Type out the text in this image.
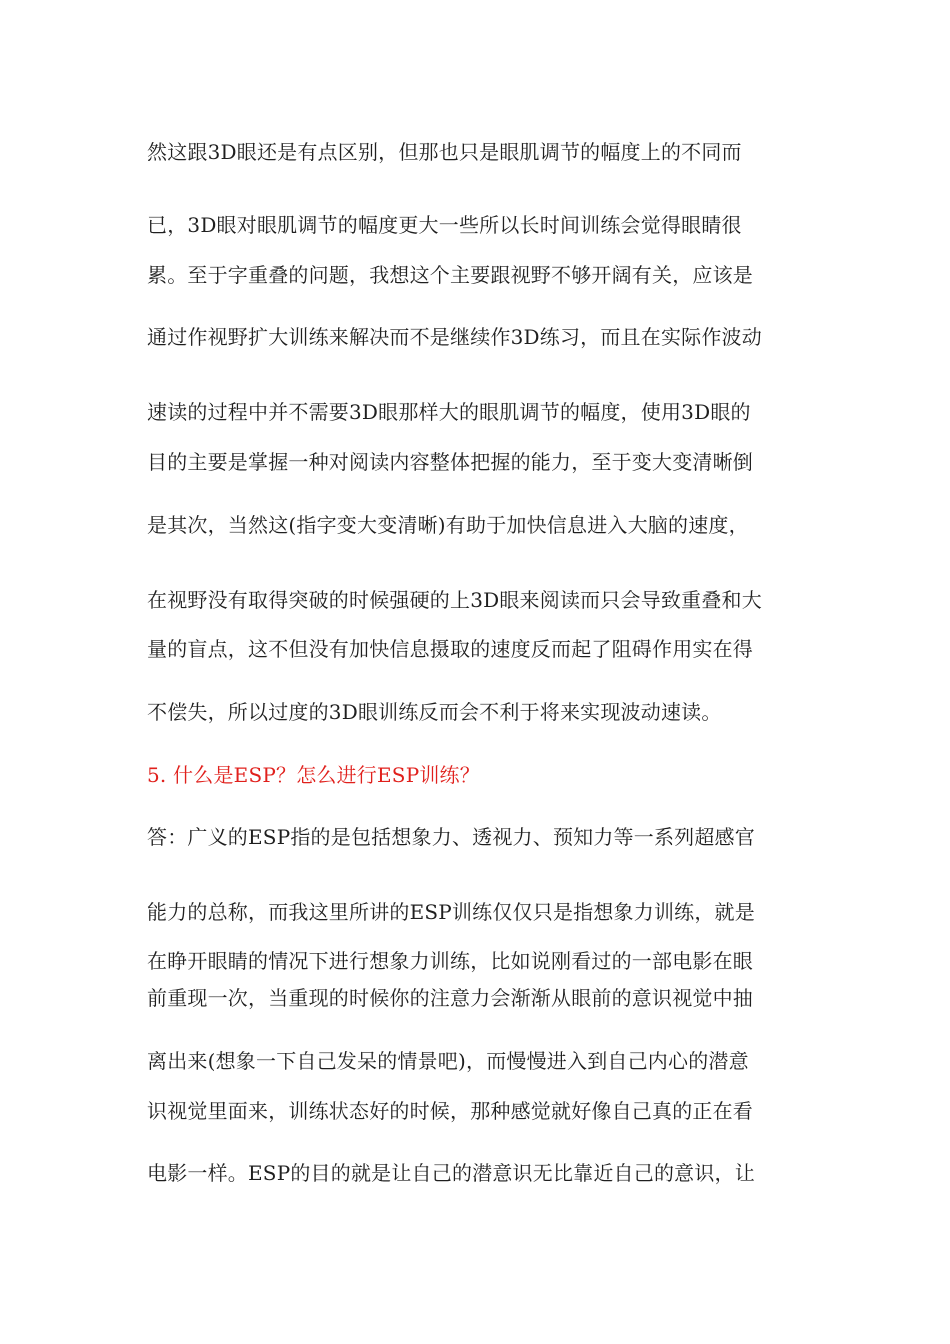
然这跟3D眼还是有点区别，但那也只是眼肌调节的幅度上的不同而
已，3D眼对眼肌调节的幅度更大一些所以长时间训练会觉得眼睛很
累。至于字重叠的问题，我想这个主要跟视野不够开阔有关，应该是
通过作视野扩大训练来解决而不是继续作3D练习，而且在实际作波动
速读的过程中并不需要3D眼那样大的眼肌调节的幅度，使用3D眼的
目的主要是掌握一种对阅读内容整体把握的能力，至于变大变清晰倒
是其次，当然这(指字变大变清晰)有助于加快信息进入大脑的速度，
在视野没有取得突破的时候强硬的上3D眼来阅读而只会导致重叠和大
量的盲点，这不但没有加快信息摄取的速度反而起了阻碍作用实在得
不偿失，所以过度的3D眼训练反而会不利于将来实现波动速读。
5. 什么是ESP？怎么进行ESP训练？
答：广义的ESP指的是包括想象力、透视力、预知力等一系列超感官
能力的总称，而我这里所讲的ESP训练仅仅只是指想象力训练，就是
在睁开眼睛的情况下进行想象力训练，比如说刚看过的一部电影在眼
前重现一次，当重现的时候你的注意力会渐渐从眼前的意识视觉中抽
离出来(想象一下自己发呆的情景吧)，而慢慢进入到自己内心的潜意
识视觉里面来，训练状态好的时候，那种感觉就好像自己真的正在看
电影一样。ESP的目的就是让自己的潜意识无比靠近自己的意识，让
